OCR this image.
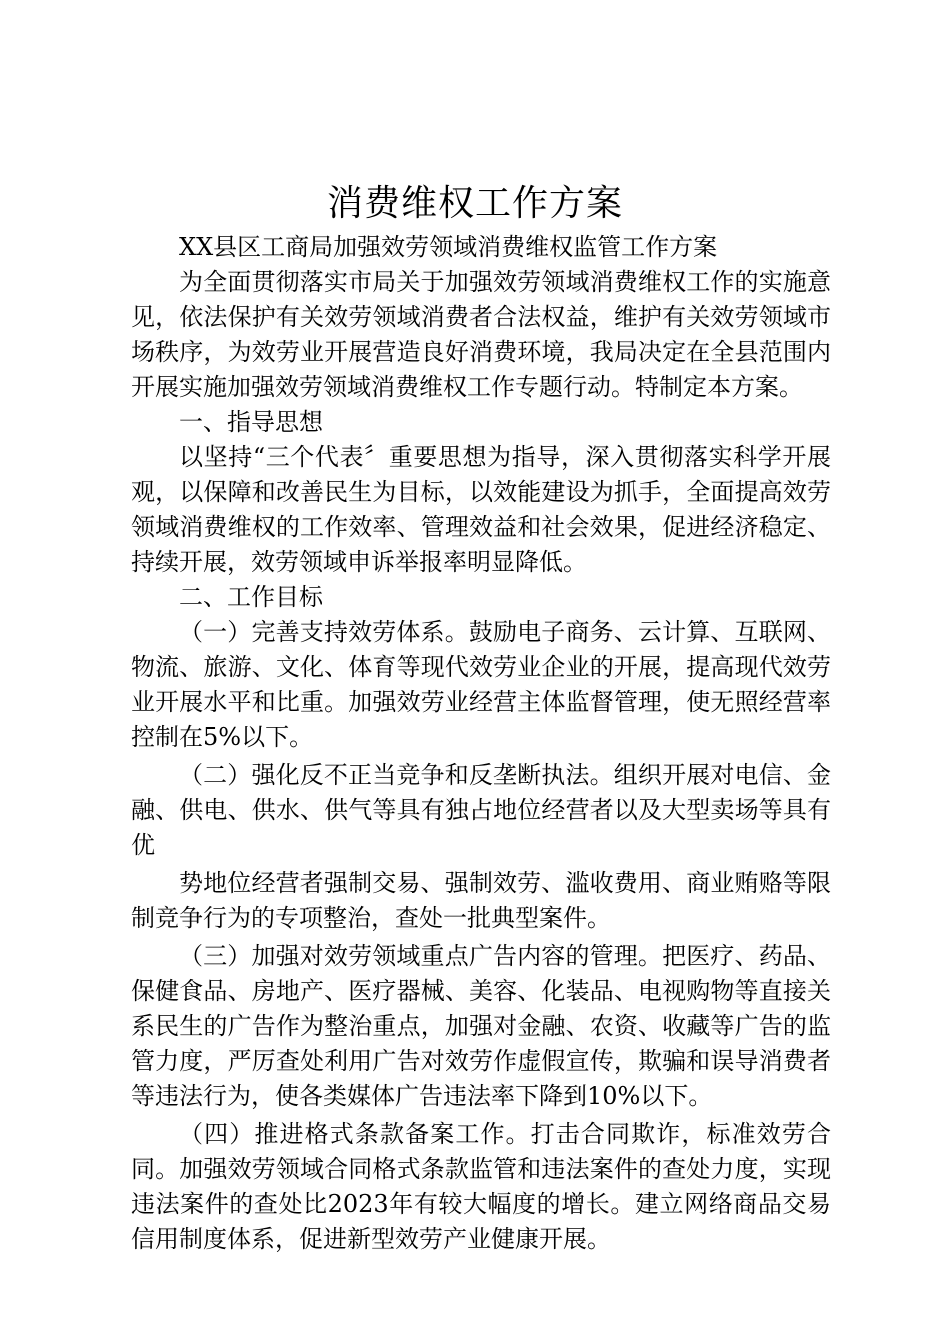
消费维权工作方案

XX县区工商局加强效劳领域消费维权监管工作方案

为全面贯彻落实市局关于加强效劳领域消费维权工作的实施意见，依法保护有关效劳领域消费者合法权益，维护有关效劳领域市场秩序，为效劳业开展营造良好消费环境，我局决定在全县范围内开展实施加强效劳领域消费维权工作专题行动。特制定本方案。

一、指导思想

以坚持“三个代表〞重要思想为指导，深入贯彻落实科学开展观，以保障和改善民生为目标，以效能建设为抓手，全面提高效劳领域消费维权的工作效率、管理效益和社会效果，促进经济稳定、持续开展，效劳领域申诉举报率明显降低。

二、工作目标

（一）完善支持效劳体系。鼓励电子商务、云计算、互联网、物流、旅游、文化、体育等现代效劳业企业的开展，提高现代效劳业开展水平和比重。加强效劳业经营主体监督管理，使无照经营率控制在5%以下。

（二）强化反不正当竞争和反垄断执法。组织开展对电信、金融、供电、供水、供气等具有独占地位经营者以及大型卖场等具有优

势地位经营者强制交易、强制效劳、滥收费用、商业贿赂等限制竞争行为的专项整治，查处一批典型案件。

（三）加强对效劳领域重点广告内容的管理。把医疗、药品、保健食品、房地产、医疗器械、美容、化装品、电视购物等直接关系民生的广告作为整治重点，加强对金融、农资、收藏等广告的监管力度，严厉查处利用广告对效劳作虚假宣传，欺骗和误导消费者等违法行为，使各类媒体广告违法率下降到10%以下。

（四）推进格式条款备案工作。打击合同欺诈，标准效劳合同。加强效劳领域合同格式条款监管和违法案件的查处力度，实现违法案件的查处比2023年有较大幅度的增长。建立网络商品交易信用制度体系，促进新型效劳产业健康开展。
